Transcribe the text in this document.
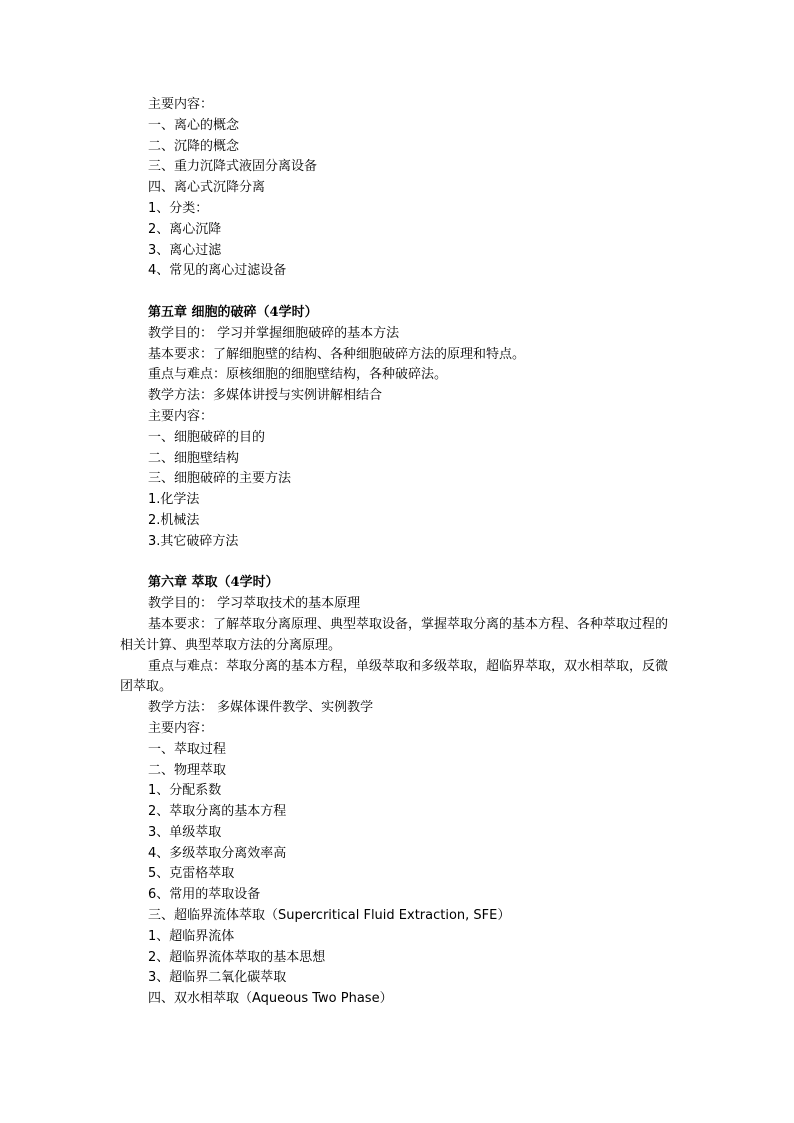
主要内容：
一、离心的概念
二、沉降的概念
三、重力沉降式液固分离设备
四、离心式沉降分离
1、分类：
2、离心沉降
3、离心过滤
4、常见的离心过滤设备
第五章 细胞的破碎（4学时）
教学目的： 学习并掌握细胞破碎的基本方法
基本要求：了解细胞壁的结构、各种细胞破碎方法的原理和特点。
重点与难点：原核细胞的细胞壁结构，各种破碎法。
教学方法：多媒体讲授与实例讲解相结合
主要内容：
一、细胞破碎的目的
二、细胞壁结构
三、细胞破碎的主要方法
1.化学法
2.机械法
3.其它破碎方法
第六章 萃取（4学时）
教学目的： 学习萃取技术的基本原理
基本要求：了解萃取分离原理、典型萃取设备，掌握萃取分离的基本方程、各种萃取过程的相关计算、典型萃取方法的分离原理。
重点与难点：萃取分离的基本方程，单级萃取和多级萃取，超临界萃取，双水相萃取，反微团萃取。
教学方法： 多媒体课件教学、实例教学
主要内容：
一、萃取过程
二、物理萃取
1、分配系数
2、萃取分离的基本方程
3、单级萃取
4、多级萃取分离效率高
5、克雷格萃取
6、常用的萃取设备
三、超临界流体萃取（Supercritical Fluid Extraction, SFE）
1、超临界流体
2、超临界流体萃取的基本思想
3、超临界二氧化碳萃取
四、双水相萃取（Aqueous Two Phase）
